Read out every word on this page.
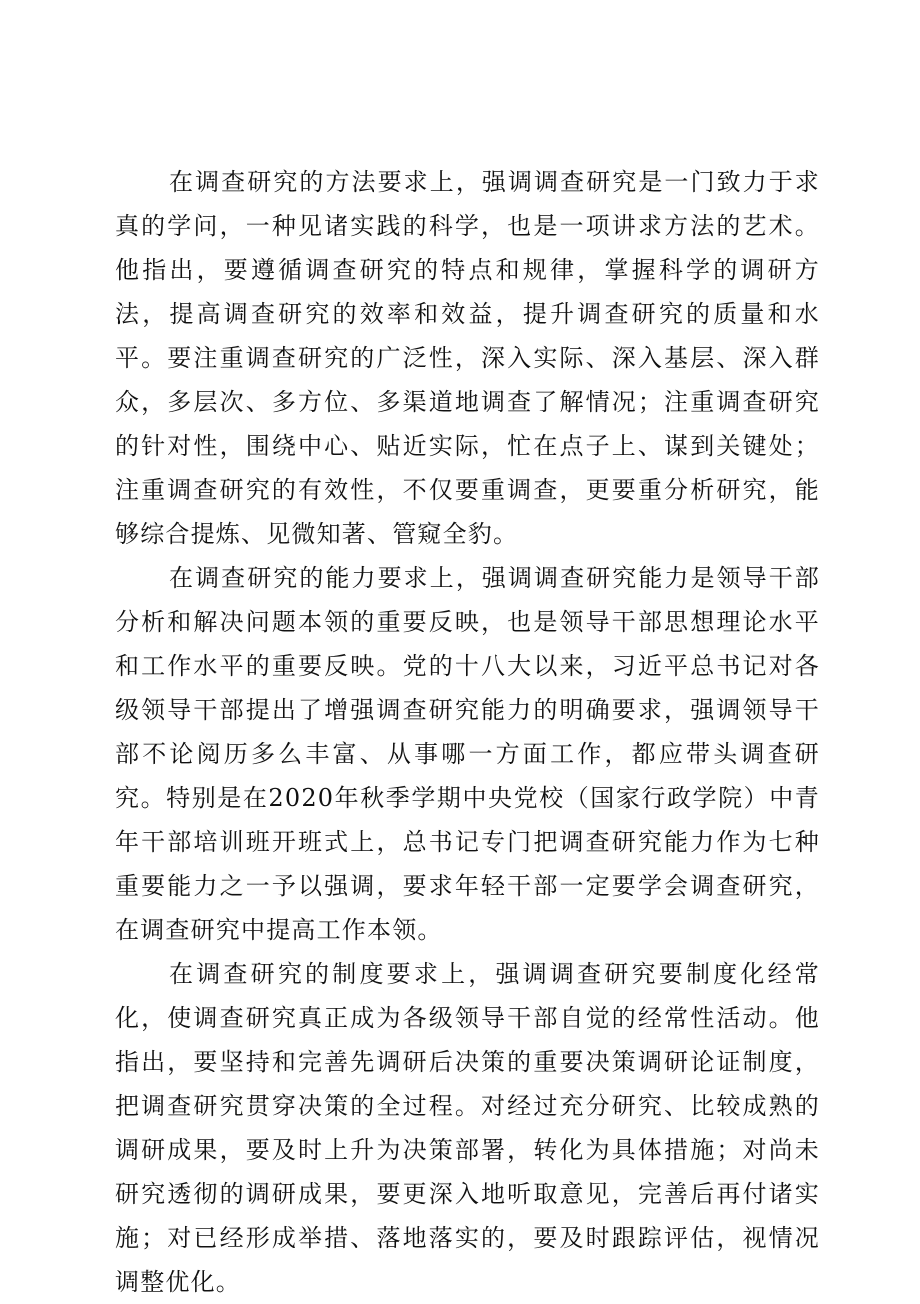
在调查研究的方法要求上，强调调查研究是一门致力于求真的学问，一种见诸实践的科学，也是一项讲求方法的艺术。他指出，要遵循调查研究的特点和规律，掌握科学的调研方法，提高调查研究的效率和效益，提升调查研究的质量和水平。要注重调查研究的广泛性，深入实际、深入基层、深入群众，多层次、多方位、多渠道地调查了解情况；注重调查研究的针对性，围绕中心、贴近实际，忙在点子上、谋到关键处；注重调查研究的有效性，不仅要重调查，更要重分析研究，能够综合提炼、见微知著、管窥全豹。

在调查研究的能力要求上，强调调查研究能力是领导干部分析和解决问题本领的重要反映，也是领导干部思想理论水平和工作水平的重要反映。党的十八大以来，习近平总书记对各级领导干部提出了增强调查研究能力的明确要求，强调领导干部不论阅历多么丰富、从事哪一方面工作，都应带头调查研究。特别是在2020年秋季学期中央党校（国家行政学院）中青年干部培训班开班式上，总书记专门把调查研究能力作为七种重要能力之一予以强调，要求年轻干部一定要学会调查研究，在调查研究中提高工作本领。

在调查研究的制度要求上，强调调查研究要制度化经常化，使调查研究真正成为各级领导干部自觉的经常性活动。他指出，要坚持和完善先调研后决策的重要决策调研论证制度，把调查研究贯穿决策的全过程。对经过充分研究、比较成熟的调研成果，要及时上升为决策部署，转化为具体措施；对尚未研究透彻的调研成果，要更深入地听取意见，完善后再付诸实施；对已经形成举措、落地落实的，要及时跟踪评估，视情况调整优化。
